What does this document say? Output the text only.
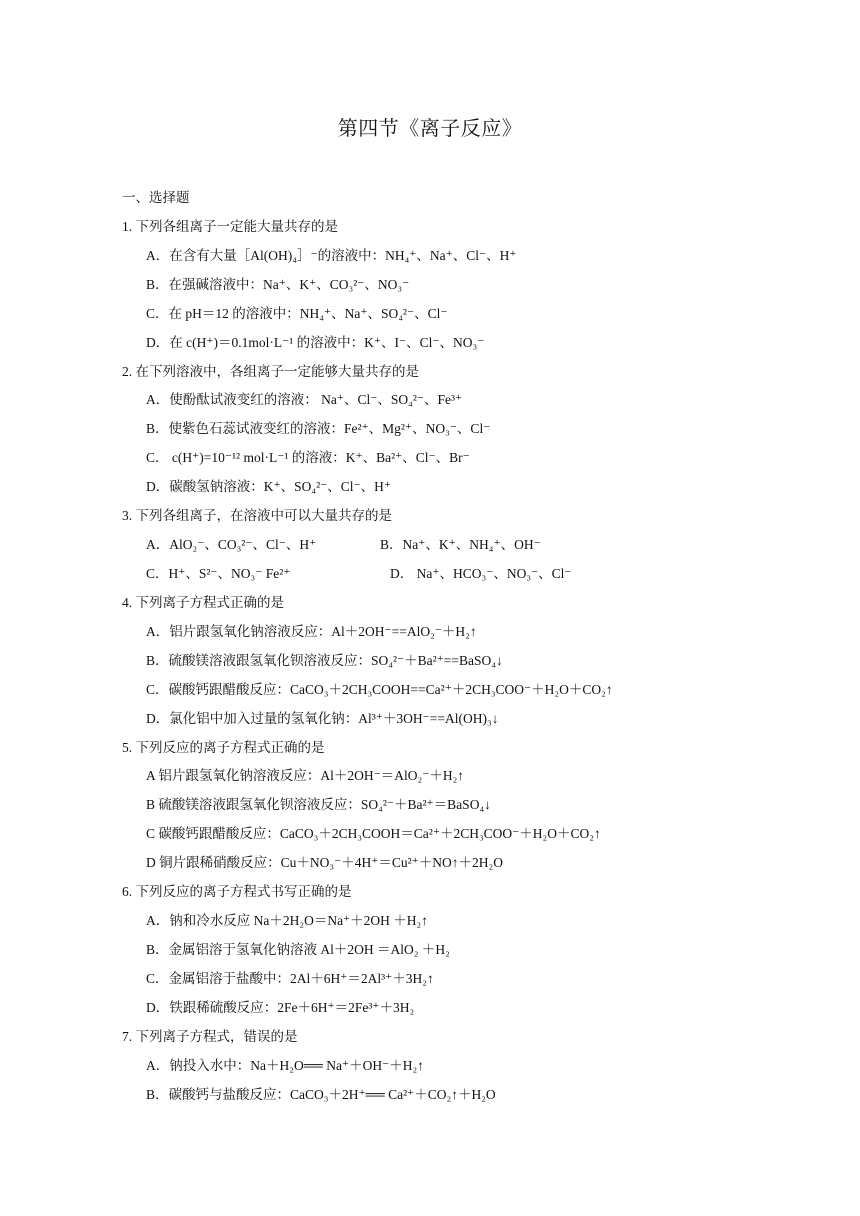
第四节《离子反应》
一、选择题
1. 下列各组离子一定能大量共存的是
A．在含有大量［Al(OH)₄］⁻的溶液中：NH₄⁺、Na⁺、Cl⁻、H⁺
B．在强碱溶液中：Na⁺、K⁺、CO₃²⁻、NO₃⁻
C．在 pH＝12 的溶液中：NH₄⁺、Na⁺、SO₄²⁻、Cl⁻
D．在 c(H⁺)＝0.1mol·L⁻¹ 的溶液中：K⁺、I⁻、Cl⁻、NO₃⁻
2. 在下列溶液中，各组离子一定能够大量共存的是
A．使酚酞试液变红的溶液： Na⁺、Cl⁻、SO₄²⁻、Fe³⁺
B．使紫色石蕊试液变红的溶液：Fe²⁺、Mg²⁺、NO₃⁻、Cl⁻
C． c(H⁺)=10⁻¹² mol·L⁻¹ 的溶液：K⁺、Ba²⁺、Cl⁻、Br⁻
D．碳酸氢钠溶液：K⁺、SO₄²⁻、Cl⁻、H⁺
3. 下列各组离子，在溶液中可以大量共存的是
A．AlO₂⁻、CO₃²⁻、Cl⁻、H⁺	B．Na⁺、K⁺、NH₄⁺、OH⁻
C．H⁺、S²⁻、NO₃⁻ Fe²⁺	D． Na⁺、HCO₃⁻、NO₃⁻、Cl⁻
4. 下列离子方程式正确的是
A．铝片跟氢氧化钠溶液反应：Al＋2OH⁻==AlO₂⁻＋H₂↑
B．硫酸镁溶液跟氢氧化钡溶液反应：SO₄²⁻＋Ba²⁺==BaSO₄↓
C．碳酸钙跟醋酸反应：CaCO₃＋2CH₃COOH==Ca²⁺＋2CH₃COO⁻＋H₂O＋CO₂↑
D．氯化铝中加入过量的氢氧化钠：Al³⁺＋3OH⁻==Al(OH)₃↓
5. 下列反应的离子方程式正确的是
A 铝片跟氢氧化钠溶液反应：Al＋2OH⁻＝AlO₂⁻＋H₂↑
B 硫酸镁溶液跟氢氧化钡溶液反应：SO₄²⁻＋Ba²⁺＝BaSO₄↓
C 碳酸钙跟醋酸反应：CaCO₃＋2CH₃COOH＝Ca²⁺＋2CH₃COO⁻＋H₂O＋CO₂↑
D 铜片跟稀硝酸反应：Cu＋NO₃⁻＋4H⁺＝Cu²⁺＋NO↑＋2H₂O
6. 下列反应的离子方程式书写正确的是
A．钠和冷水反应 Na＋2H₂O＝Na⁺＋2OH ＋H₂↑
B．金属铝溶于氢氧化钠溶液 Al＋2OH ＝AlO₂ ＋H₂
C．金属铝溶于盐酸中：2Al＋6H⁺＝2Al³⁺＋3H₂↑
D．铁跟稀硫酸反应：2Fe＋6H⁺＝2Fe³⁺＋3H₂
7. 下列离子方程式，错误的是
A．钠投入水中：Na＋H₂O══ Na⁺＋OH⁻＋H₂↑
B．碳酸钙与盐酸反应：CaCO₃＋2H⁺══ Ca²⁺＋CO₂↑＋H₂O
